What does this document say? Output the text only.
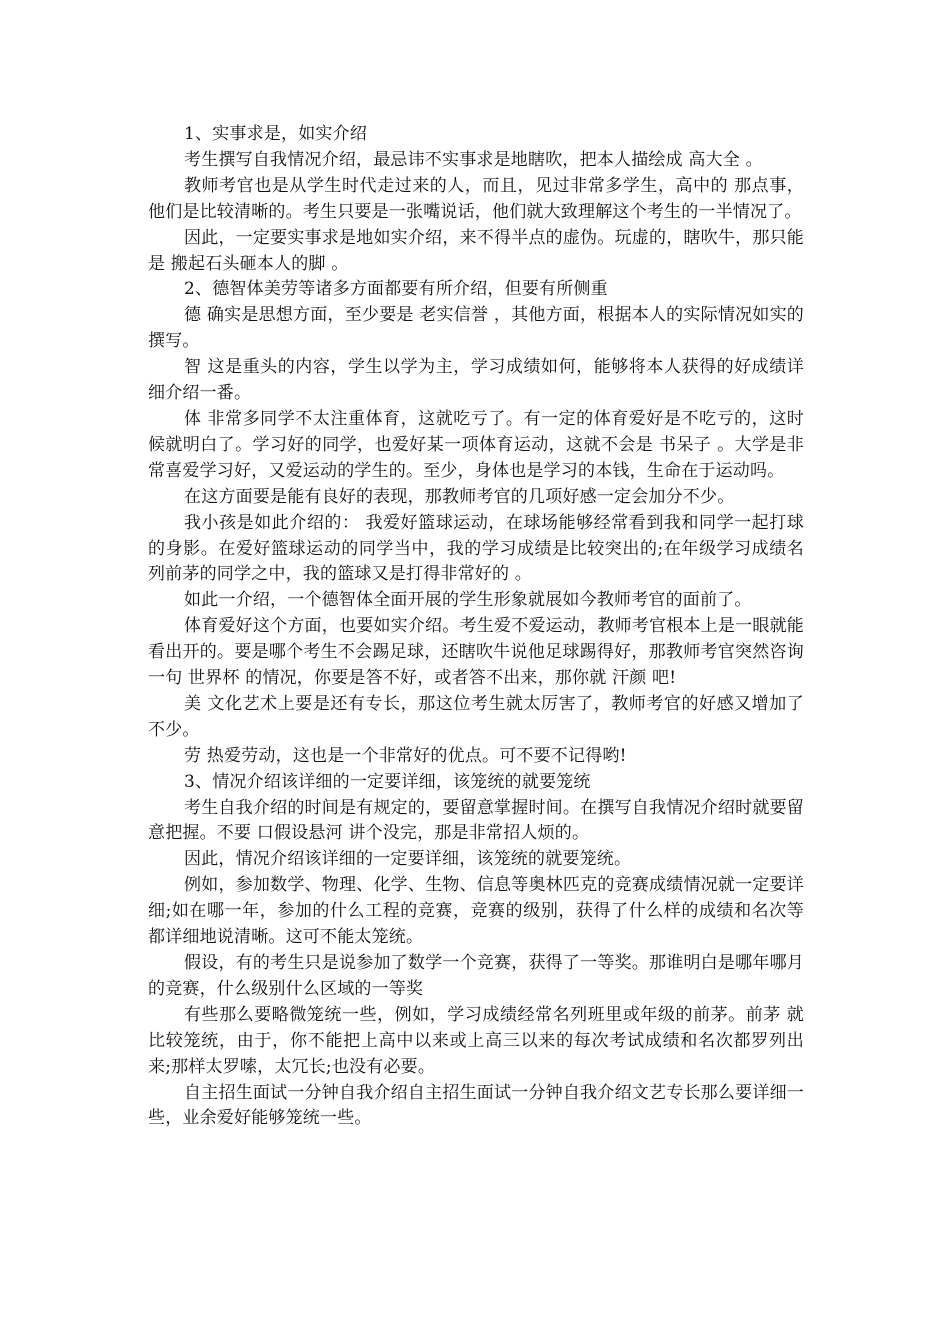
1、实事求是，如实介绍

考生撰写自我情况介绍，最忌讳不实事求是地瞎吹，把本人描绘成 高大全 。

教师考官也是从学生时代走过来的人，而且，见过非常多学生，高中的 那点事，他们是比较清晰的。考生只要是一张嘴说话，他们就大致理解这个考生的一半情况了。

因此，一定要实事求是地如实介绍，来不得半点的虚伪。玩虚的，瞎吹牛，那只能是 搬起石头砸本人的脚 。

2、德智体美劳等诸多方面都要有所介绍，但要有所侧重

德 确实是思想方面，至少要是 老实信誉 ，其他方面，根据本人的实际情况如实的撰写。

智 这是重头的内容，学生以学为主，学习成绩如何，能够将本人获得的好成绩详细介绍一番。

体 非常多同学不太注重体育，这就吃亏了。有一定的体育爱好是不吃亏的，这时候就明白了。学习好的同学，也爱好某一项体育运动，这就不会是 书呆子 。大学是非常喜爱学习好，又爱运动的学生的。至少，身体也是学习的本钱，生命在于运动吗。

在这方面要是能有良好的表现，那教师考官的几项好感一定会加分不少。

我小孩是如此介绍的： 我爱好篮球运动，在球场能够经常看到我和同学一起打球的身影。在爱好篮球运动的同学当中，我的学习成绩是比较突出的;在年级学习成绩名列前茅的同学之中，我的篮球又是打得非常好的 。

如此一介绍，一个德智体全面开展的学生形象就展如今教师考官的面前了。

体育爱好这个方面，也要如实介绍。考生爱不爱运动，教师考官根本上是一眼就能看出开的。要是哪个考生不会踢足球，还瞎吹牛说他足球踢得好，那教师考官突然咨询一句 世界杯 的情况，你要是答不好，或者答不出来，那你就 汗颜 吧!

美 文化艺术上要是还有专长，那这位考生就太厉害了，教师考官的好感又增加了不少。

劳 热爱劳动，这也是一个非常好的优点。可不要不记得哟!

3、情况介绍该详细的一定要详细，该笼统的就要笼统

考生自我介绍的时间是有规定的，要留意掌握时间。在撰写自我情况介绍时就要留意把握。不要 口假设悬河 讲个没完，那是非常招人烦的。

因此，情况介绍该详细的一定要详细，该笼统的就要笼统。

例如，参加数学、物理、化学、生物、信息等奥林匹克的竞赛成绩情况就一定要详细;如在哪一年，参加的什么工程的竞赛，竞赛的级别，获得了什么样的成绩和名次等都详细地说清晰。这可不能太笼统。

假设，有的考生只是说参加了数学一个竞赛，获得了一等奖。那谁明白是哪年哪月的竞赛，什么级别什么区域的一等奖

有些那么要略微笼统一些，例如，学习成绩经常名列班里或年级的前茅。前茅 就比较笼统，由于，你不能把上高中以来或上高三以来的每次考试成绩和名次都罗列出来;那样太罗嗦，太冗长;也没有必要。

自主招生面试一分钟自我介绍自主招生面试一分钟自我介绍文艺专长那么要详细一些，业余爱好能够笼统一些。
